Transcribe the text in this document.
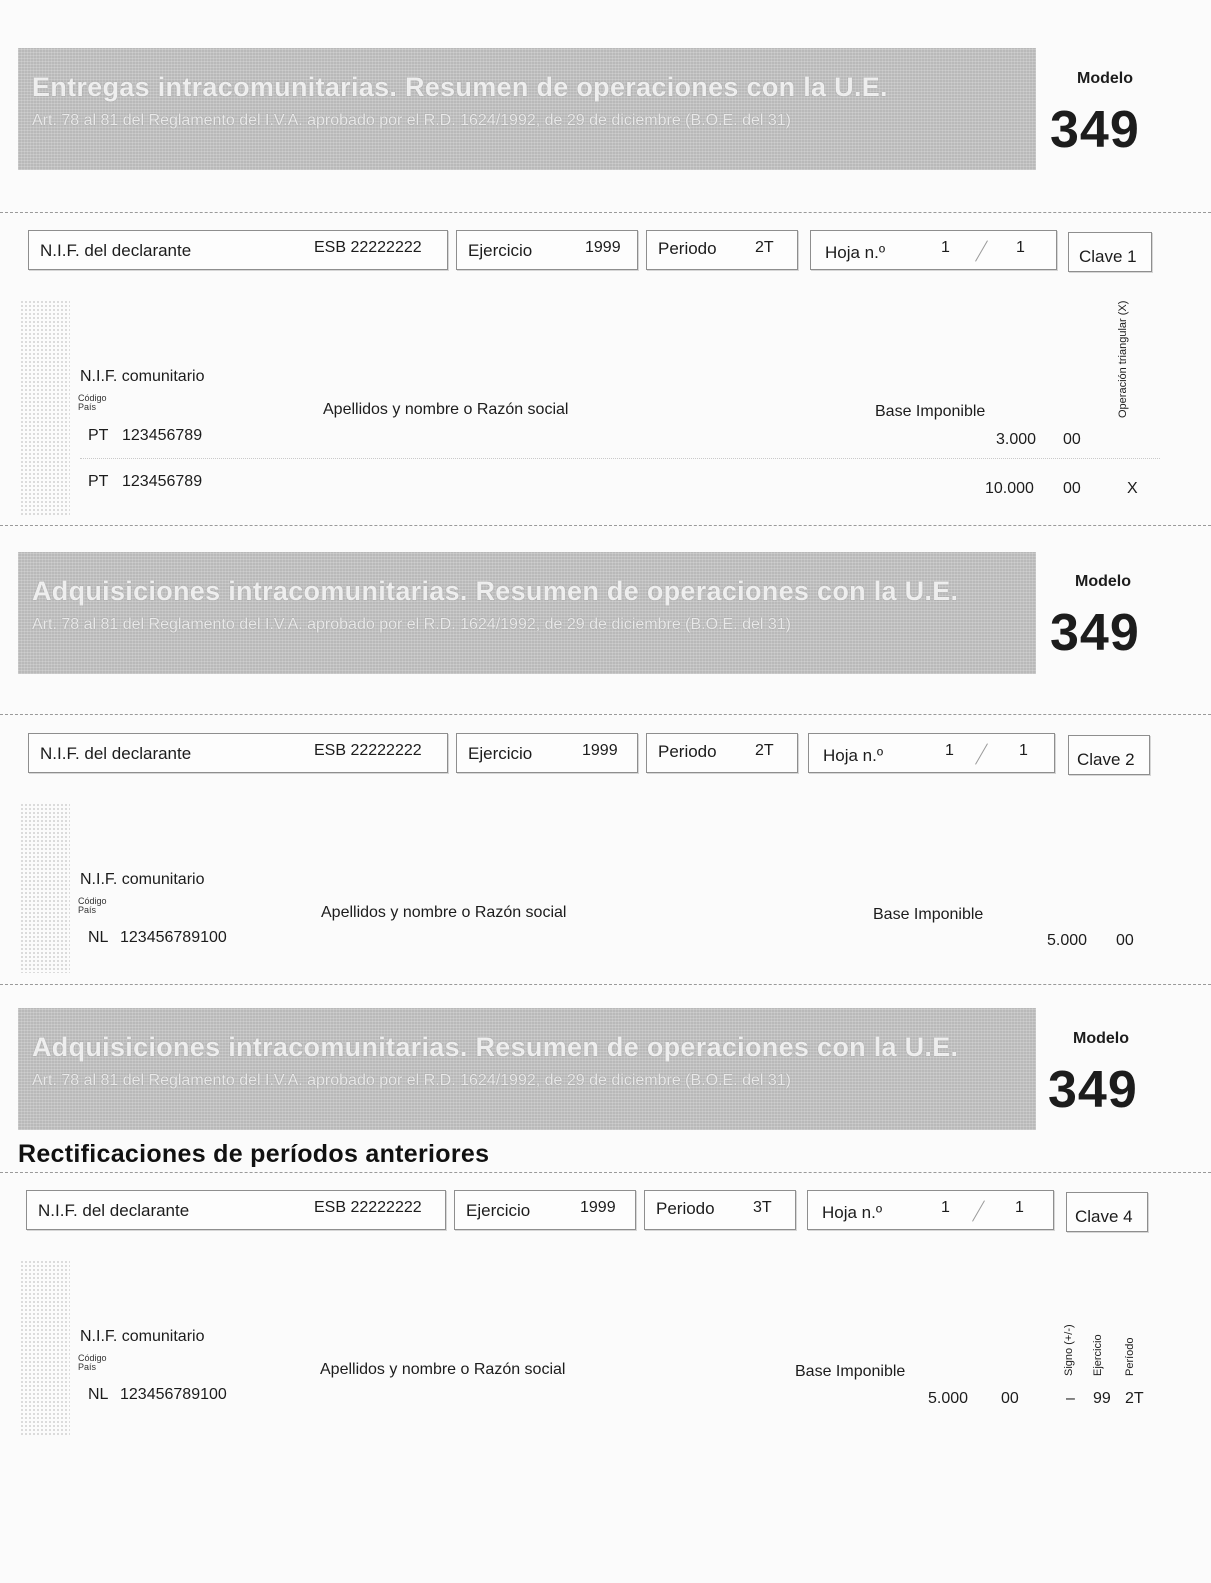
Entregas intracomunitarias. Resumen de operaciones con la U.E.
Art. 78 al 81 del Reglamento del I.V.A. aprobado por el R.D. 1624/1992, de 29 de diciembre (B.O.E. del 31)
Modelo
349
N.I.F. del declarante	ESB 22222222	Ejercicio	1999 Periodo 2T	Hoja n.º	1	1	Clave 1
N.I.F. comunitario
Código
País	Apellidos y nombre o Razón social	Base Imponible	Operación triangular (X)
PT 123456789	3.000 00
PT 123456789	10.000 00	X
Adquisiciones intracomunitarias. Resumen de operaciones con la U.E.
Art. 78 al 81 del Reglamento del I.V.A. aprobado por el R.D. 1624/1992, de 29 de diciembre (B.O.E. del 31)
Modelo
349
N.I.F. del declarante	ESB 22222222	Ejercicio	1999 Periodo 2T	Hoja n.º	1	1	Clave 2
N.I.F. comunitario
Código
País	Apellidos y nombre o Razón social	Base Imponible
NL 123456789100	5.000 00
Adquisiciones intracomunitarias. Resumen de operaciones con la U.E.
Art. 78 al 81 del Reglamento del I.V.A. aprobado por el R.D. 1624/1992, de 29 de diciembre (B.O.E. del 31)
Modelo
349
Rectificaciones de períodos anteriores
N.I.F. del declarante	ESB 22222222	Ejercicio	1999 Periodo 3T	Hoja n.º	1	1	Clave 4
N.I.F. comunitario
Código
País	Apellidos y nombre o Razón social	Base Imponible	Signo (+/-) Ejercicio Período
NL 123456789100	5.000 00	– 99 2T
